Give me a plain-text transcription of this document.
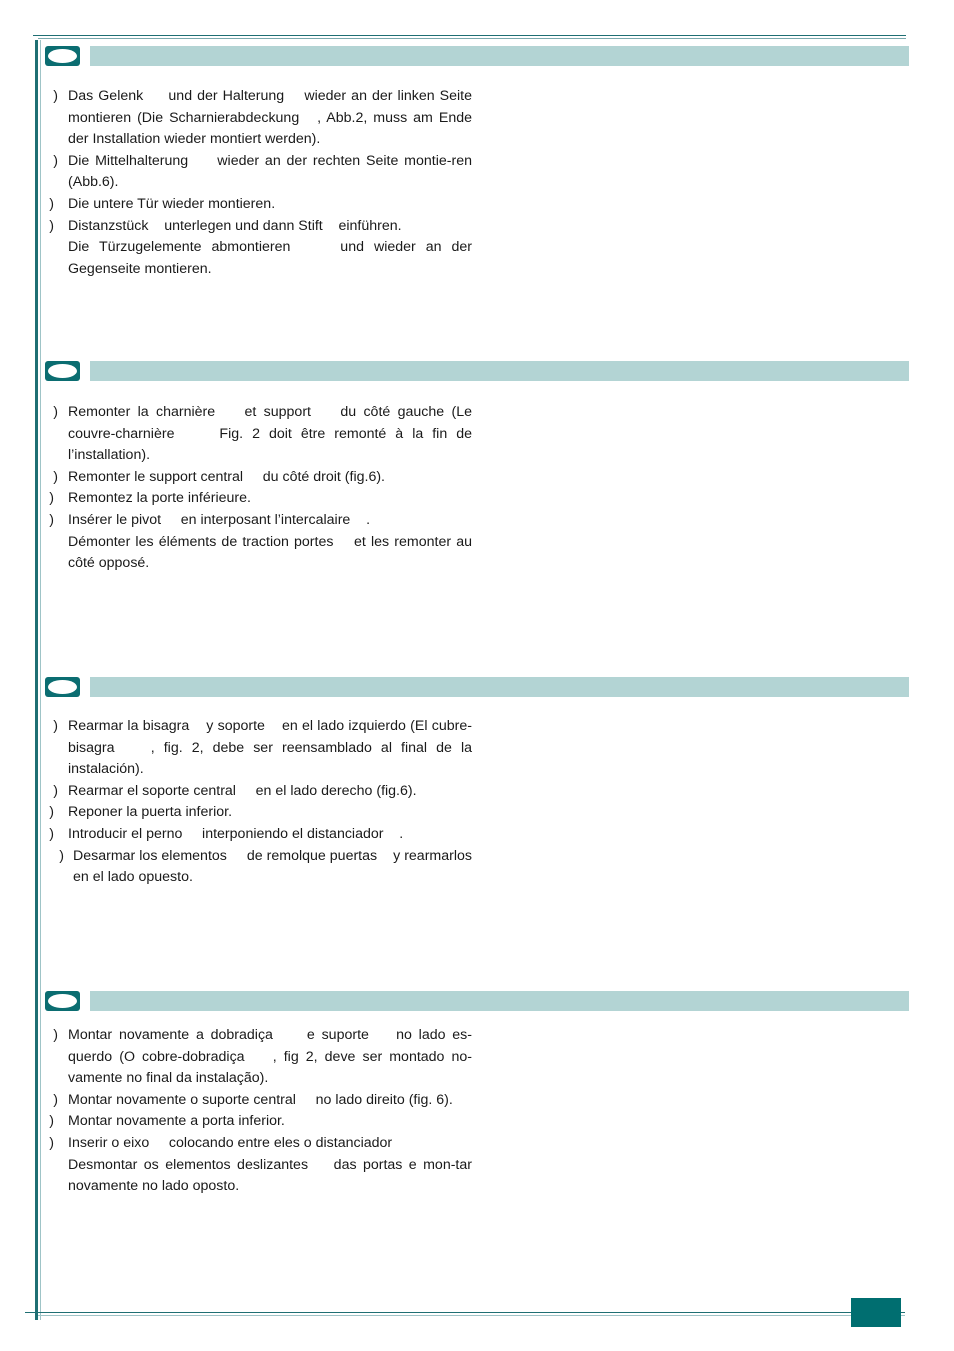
) Das Gelenk     und der Halterung    wieder an der linken Seite montieren (Die Scharnierabdeckung   , Abb.2, muss am Ende der Installation wieder montiert werden).
) Die Mittelhalterung     wieder an der rechten Seite montie-ren (Abb.6).
) Die untere Tür wieder montieren.
) Distanzstück    unterlegen und dann Stift    einführen.
Die Türzugelemente abmontieren     und wieder an der Gegenseite montieren.
) Remonter la charnière    et support    du côté gauche (Le couvre-charnière     Fig. 2 doit être remonté à la fin de l’installation).
) Remonter le support central     du côté droit (fig.6).
) Remontez la porte inférieure.
) Insérer le pivot     en interposant l’intercalaire    .
Démonter les éléments de traction portes    et les remonter au côté opposé.
) Rearmar la bisagra    y soporte    en el lado izquierdo (El cubre-bisagra    , fig. 2, debe ser reensamblado al final de la instalación).
) Rearmar el soporte central     en el lado derecho (fig.6).
) Reponer la puerta inferior.
) Introducir el perno     interponiendo el distanciador    .
) Desarmar los elementos     de remolque puertas    y rearmarlos en el lado opuesto.
) Montar novamente a dobradiça     e suporte    no lado es-querdo (O cobre-dobradiça    , fig 2, deve ser montado no-vamente no final da instalação).
) Montar novamente o suporte central     no lado direito (fig. 6).
) Montar novamente a porta inferior.
) Inserir o eixo     colocando entre eles o distanciador
Desmontar os elementos deslizantes    das portas e mon-tar novamente no lado oposto.
